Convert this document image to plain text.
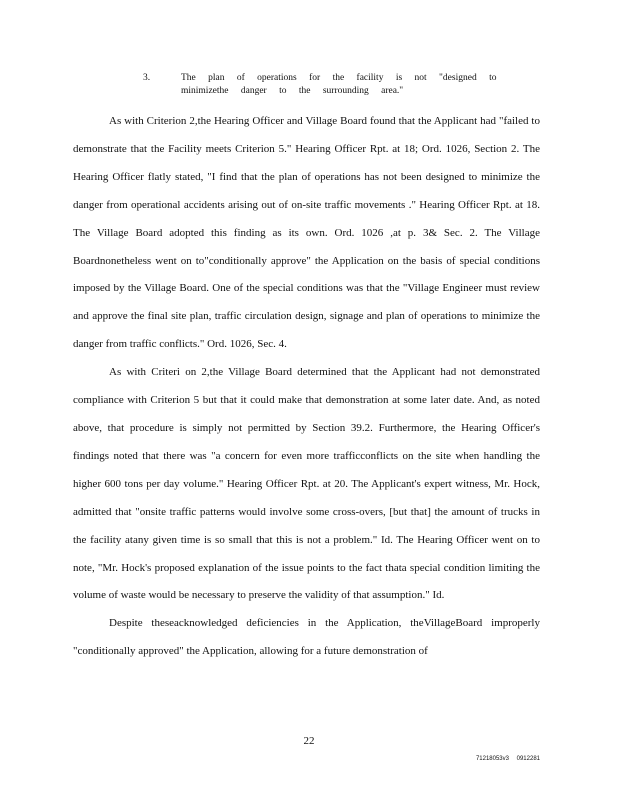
3.	The plan of operations for the facility is not "designed to minimizethe danger to the surrounding area."

As with Criterion 2,the Hearing Officer and Village Board found that the Applicant had "failed to demonstrate that the Facility meets Criterion 5." Hearing Officer Rpt. at 18; Ord. 1026, Section 2. The Hearing Officer flatly stated, "I find that the plan of operations has not been designed to minimize the danger from operational accidents arising out of on-site traffic movements ." Hearing Officer Rpt. at 18. The Village Board adopted this finding as its own. Ord. 1026 ,at p. 3& Sec. 2. The Village Boardnonetheless went on to"conditionally approve" the Application on the basis of special conditions imposed by the Village Board. One of the special conditions was that the "Village Engineer must review and approve the final site plan, traffic circulation design, signage and plan of operations to minimize the danger from traffic conflicts." Ord. 1026, Sec. 4.

As with Criteri on 2,the Village Board determined that the Applicant had not demonstrated compliance with Criterion 5 but that it could make that demonstration at some later date. And, as noted above, that procedure is simply not permitted by Section 39.2. Furthermore, the Hearing Officer's findings noted that there was "a concern for even more trafficconflicts on the site when handling the higher 600 tons per day volume." Hearing Officer Rpt. at 20. The Applicant's expert witness, Mr. Hock, admitted that "onsite traffic patterns would involve some cross-overs, [but that] the amount of trucks in the facility atany given time is so small that this is not a problem." Id. The Hearing Officer went on to note, "Mr. Hock's proposed explanation of the issue points to the fact thata special condition limiting the volume of waste would be necessary to preserve the validity of that assumption." Id.

Despite theseacknowledged deficiencies in the Application, theVillageBoard improperly "conditionally approved" the Application, allowing for a future demonstration of

22
71218053v3 0912281
